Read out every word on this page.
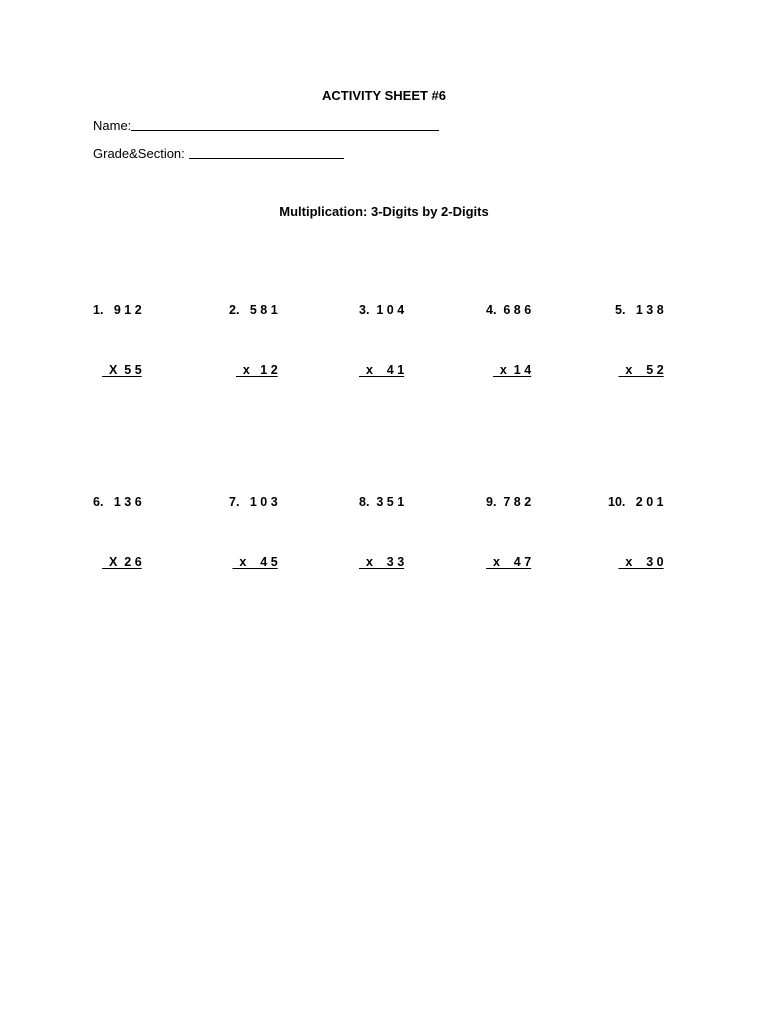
ACTIVITY SHEET #6
Name:
Grade&Section:
Multiplication: 3-Digits by 2-Digits

1.   9 1 2

X  5 5

2.   5 8 1

x   1 2

3.  1 0 4

x    4 1

4.  6 8 6

x  1 4

5.   1 3 8

x    5 2

6.   1 3 6

X  2 6

7.   1 0 3

x    4 5

8.  3 5 1

x    3 3

9.  7 8 2

x    4 7

10.   2 0 1

x    3 0
